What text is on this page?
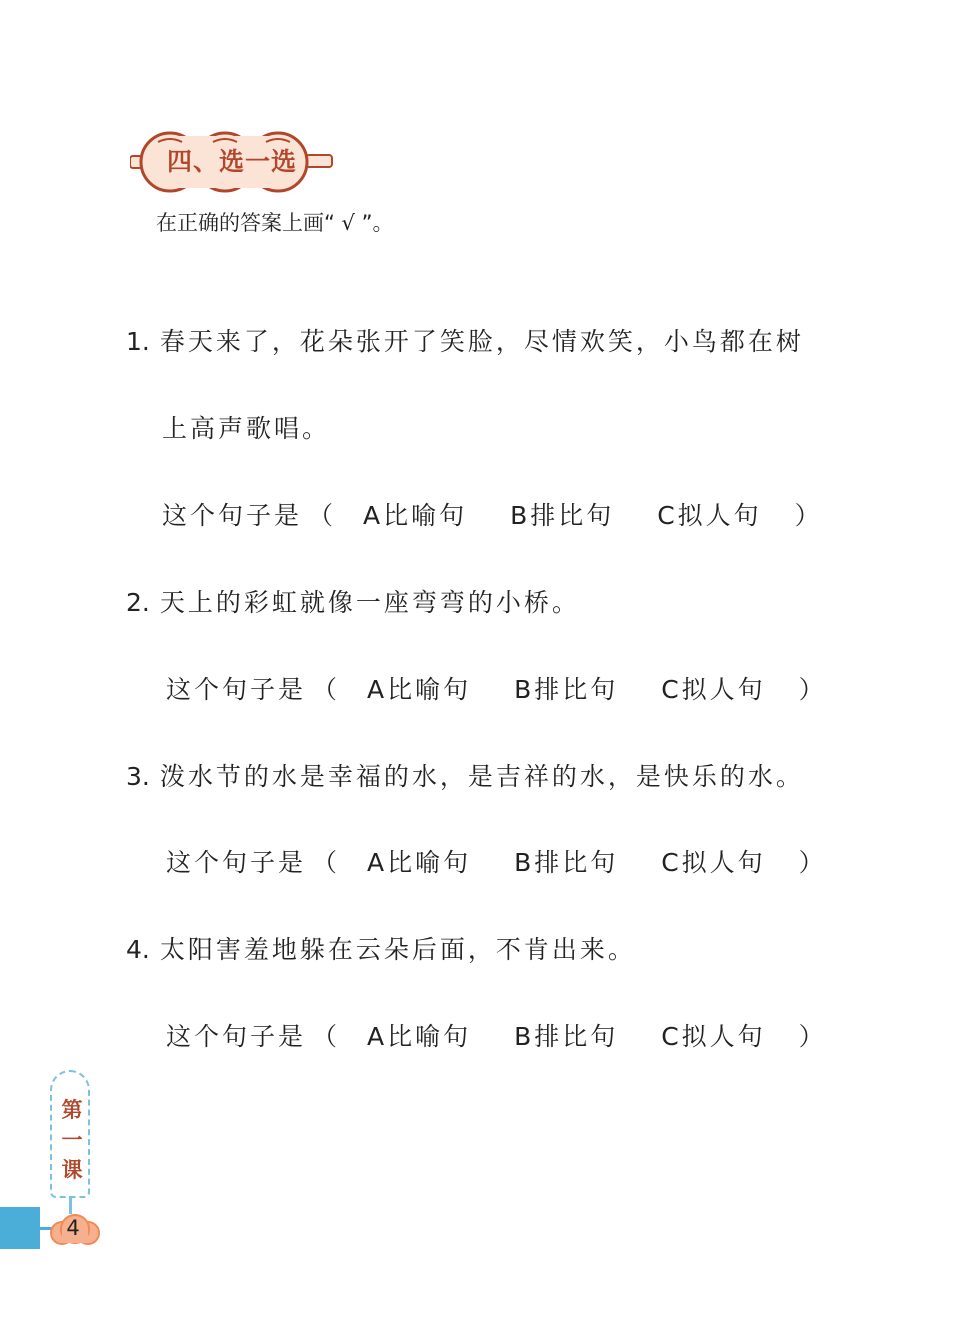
四、选一选
在正确的答案上画“ √ ”。
1. 春天来了，花朵张开了笑脸，尽情欢笑，小鸟都在树
上高声歌唱。
这个句子是 （ A 比喻句 B 排比句 C 拟人句 ）
2. 天上的彩虹就像一座弯弯的小桥。
这个句子是 （ A 比喻句 B 排比句 C 拟人句 ）
3. 泼水节的水是幸福的水，是吉祥的水，是快乐的水。
这个句子是 （ A 比喻句 B 排比句 C 拟人句 ）
4. 太阳害羞地躲在云朵后面，不肯出来。
这个句子是 （ A 比喻句 B 排比句 C 拟人句 ）
第
一
课
4
